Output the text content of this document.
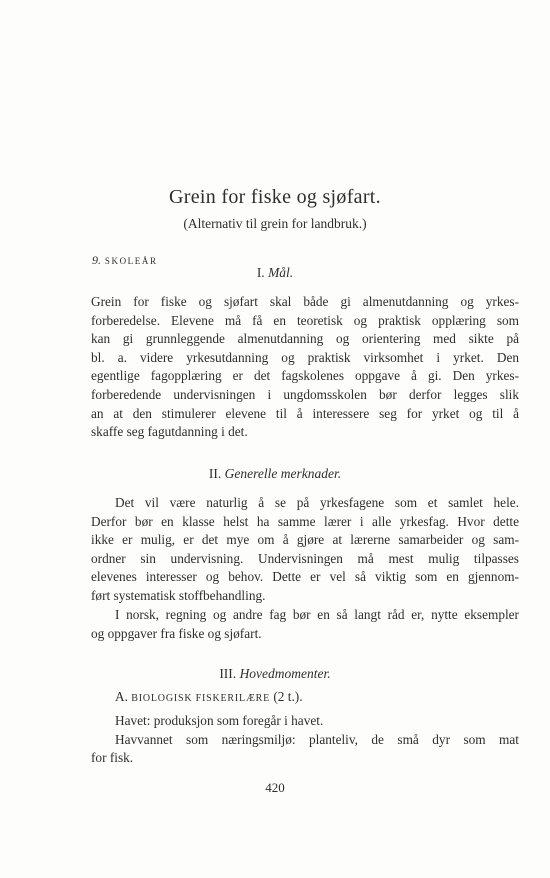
Grein for fiske og sjøfart.

(Alternativ til grein for landbruk.)

9. SKOLEÅR

I. Mål.

Grein for fiske og sjøfart skal både gi almenutdanning og yrkes-
forberedelse. Elevene må få en teoretisk og praktisk opplæring som
kan gi grunnleggende almenutdanning og orientering med sikte på
bl. a. videre yrkesutdanning og praktisk virksomhet i yrket. Den
egentlige fagopplæring er det fagskolenes oppgave å gi. Den yrkes-
forberedende undervisningen i ungdomsskolen bør derfor legges slik
an at den stimulerer elevene til å interessere seg for yrket og til å
skaffe seg fagutdanning i det.

II. Generelle merknader.

Det vil være naturlig å se på yrkesfagene som et samlet hele.
Derfor bør en klasse helst ha samme lærer i alle yrkesfag. Hvor dette
ikke er mulig, er det mye om å gjøre at lærerne samarbeider og sam-
ordner sin undervisning. Undervisningen må mest mulig tilpasses
elevenes interesser og behov. Dette er vel så viktig som en gjennom-
ført systematisk stoffbehandling.
I norsk, regning og andre fag bør en så langt råd er, nytte eksempler
og oppgaver fra fiske og sjøfart.

III. Hovedmomenter.

A. BIOLOGISK FISKERILÆRE (2 t.).

Havet: produksjon som foregår i havet.
Havvannet som næringsmiljø: planteliv, de små dyr som mat
for fisk.

420
